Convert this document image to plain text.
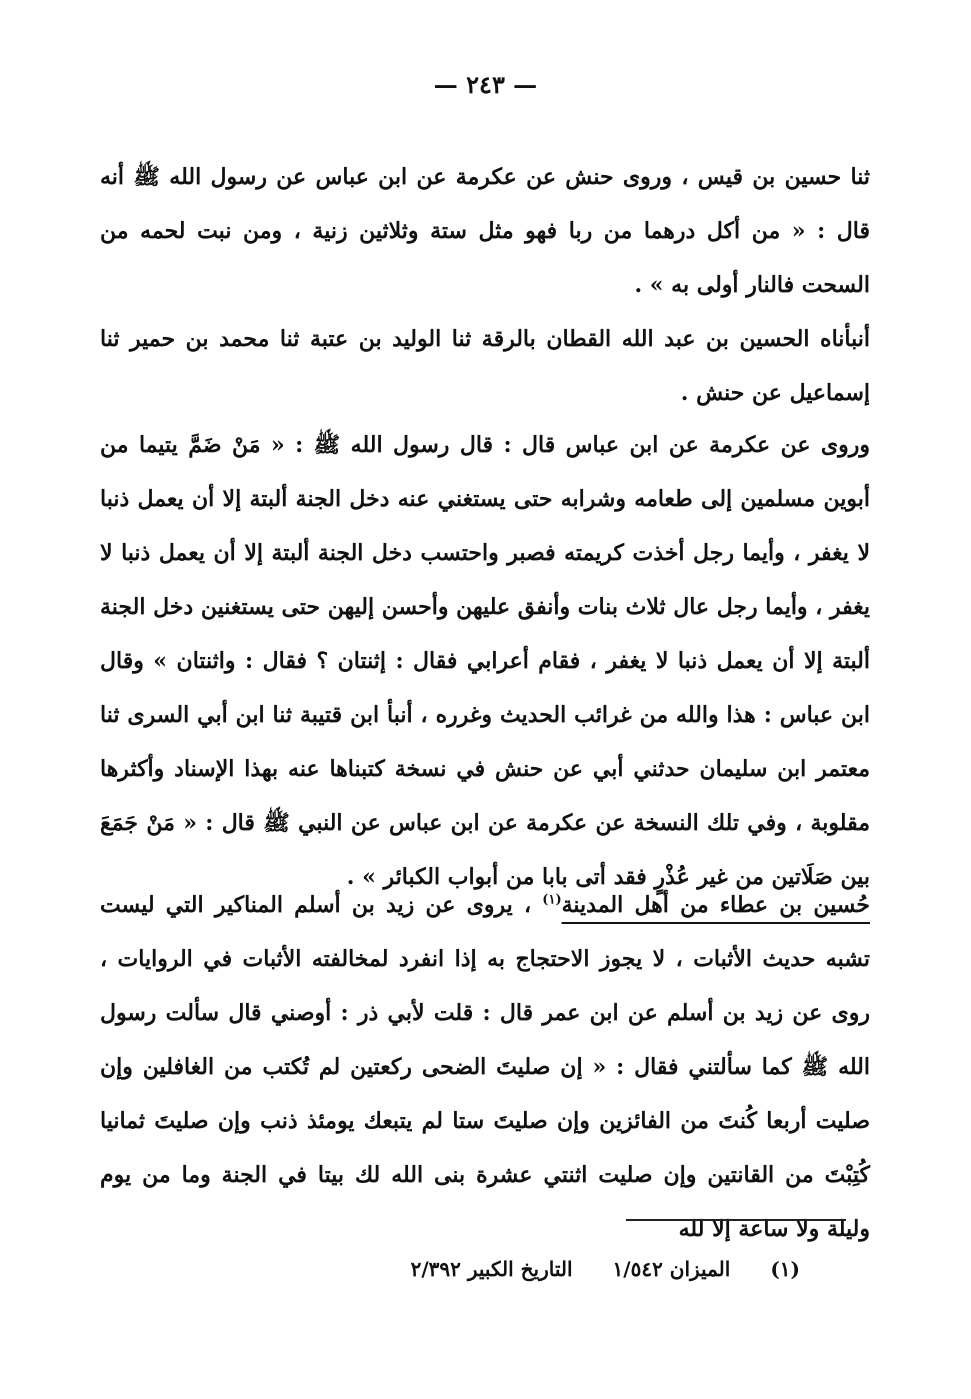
— ٢٤٣ —
ثنا حسين بن قيس ، وروى حنش عن عكرمة عن ابن عباس عن رسول الله ﷺ أنه قال : « من أكل درهما من ربا فهو مثل ستة وثلاثين زنية ، ومن نبت لحمه من السحت فالنار أولى به » .
أنبأناه الحسين بن عبد الله القطان بالرقة ثنا الوليد بن عتبة ثنا محمد بن حمير ثنا إسماعيل عن حنش .
وروى عن عكرمة عن ابن عباس قال : قال رسول الله ﷺ : « مَنْ ضَمَّ يتيما من أبوين مسلمين إلى طعامه وشرابه حتى يستغني عنه دخل الجنة ألبتة إلا أن يعمل ذنبا لا يغفر ، وأيما رجل أخذت كريمته فصبر واحتسب دخل الجنة ألبتة إلا أن يعمل ذنبا لا يغفر ، وأيما رجل عال ثلاث بنات وأنفق عليهن وأحسن إليهن حتى يستغنين دخل الجنة ألبتة إلا أن يعمل ذنبا لا يغفر ، فقام أعرابي فقال : إثنتان ؟ فقال : واثنتان » وقال ابن عباس : هذا والله من غرائب الحديث وغرره ، أنبأ ابن قتيبة ثنا ابن أبي السرى ثنا معتمر ابن سليمان حدثني أبي عن حنش في نسخة كتبناها عنه بهذا الإسناد وأكثرها مقلوبة ، وفي تلك النسخة عن عكرمة عن ابن عباس عن النبي ﷺ قال : « مَنْ جَمَعَ بين صَلَاتين من غير عُذْرٍ فقد أتى بابا من أبواب الكبائر » .
حُسين بن عطاء من أهل المدينة$^{(١)}$ ، يروى عن زيد بن أسلم المناكير التي ليست تشبه حديث الأثبات ، لا يجوز الاحتجاج به إذا انفرد لمخالفته الأثبات في الروايات ، روى عن زيد بن أسلم عن ابن عمر قال : قلت لأبي ذر : أوصني قال سألت رسول الله ﷺ كما سألتني فقال : « إن صليتَ الضحى ركعتين لم تُكتب من الغافلين وإن صليت أربعا كُنتَ من الفائزين وإن صليتَ ستا لم يتبعك يومئذ ذنب وإن صليتَ ثمانيا كُتِبْتَ من القانتين وإن صليت اثنتي عشرة بنى الله لك بيتا في الجنة وما من يوم وليلة ولا ساعة إلا لله
(١)الميزان ١/٥٤٢التاريخ الكبير ٢/٣٩٢
